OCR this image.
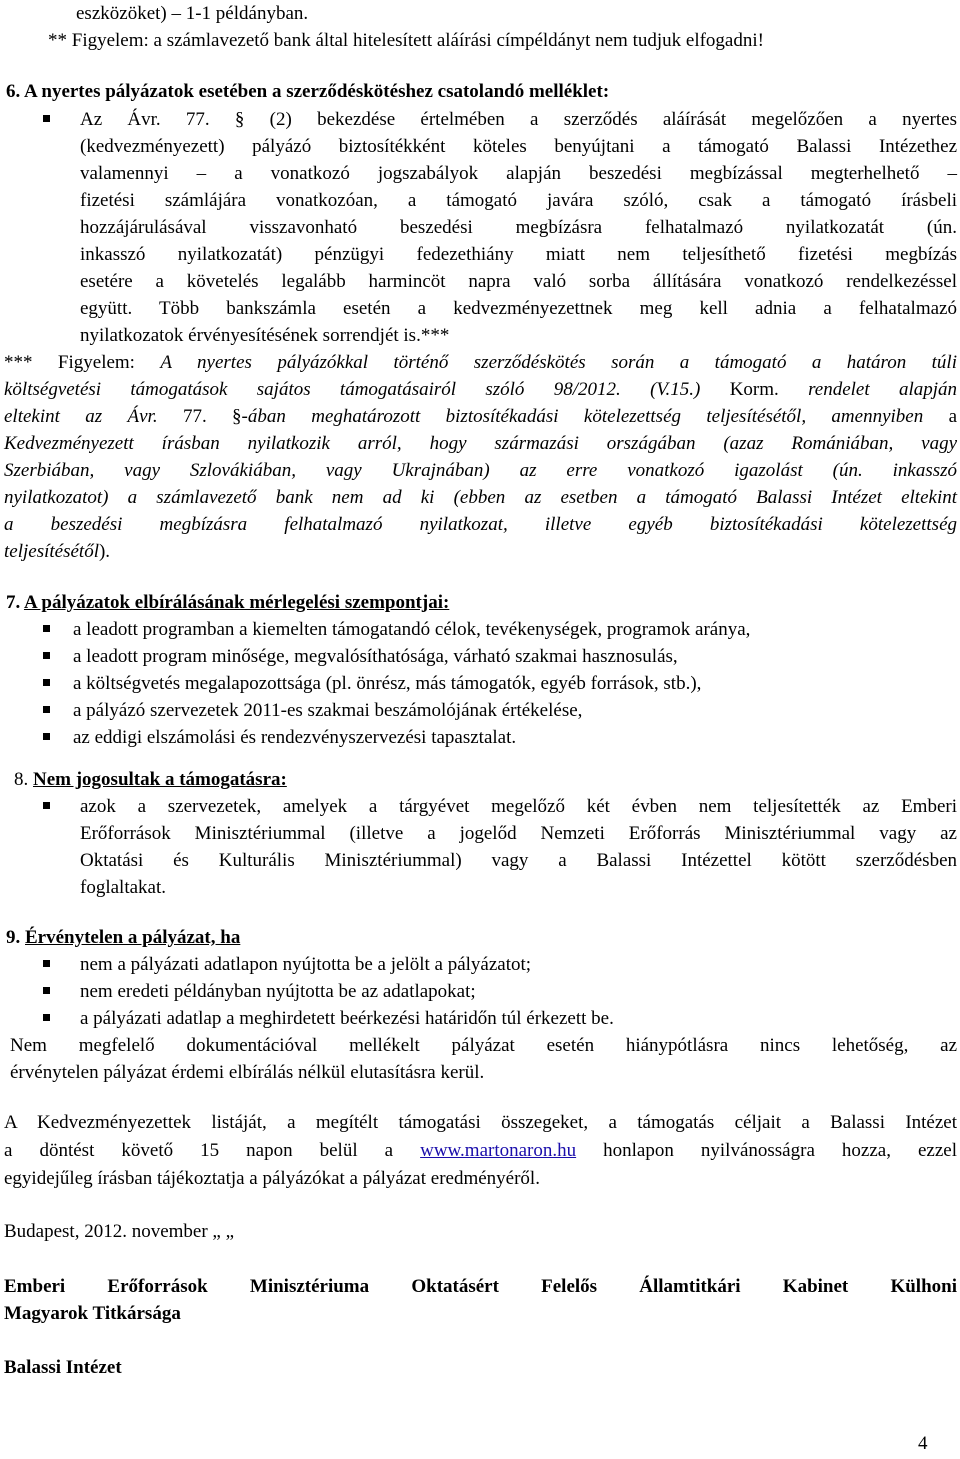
eszközöket) – 1-1 példányban.

** Figyelem: a számlavezető bank által hitelesített aláírási címpéldányt nem tudjuk elfogadni!

6. A nyertes pályázatok esetében a szerződéskötéshez csatolandó melléklet:

Az Ávr. 77. § (2) bekezdése értelmében a szerződés aláírását megelőzően a nyertes

(kedvezményezett) pályázó biztosítékként köteles benyújtani a támogató Balassi Intézethez

valamennyi – a vonatkozó jogszabályok alapján beszedési megbízással megterhelhető –

fizetési számlájára vonatkozóan, a támogató javára szóló, csak a támogató írásbeli

hozzájárulásával visszavonható beszedési megbízásra felhatalmazó nyilatkozatát (ún.

inkasszó nyilatkozatát) pénzügyi fedezethiány miatt nem teljesíthető fizetési megbízás

esetére a követelés legalább harmincöt napra való sorba állítására vonatkozó rendelkezéssel

együtt. Több bankszámla esetén a kedvezményezettnek meg kell adnia a felhatalmazó

nyilatkozatok érvényesítésének sorrendjét is.***

*** Figyelem: A nyertes pályázókkal történő szerződéskötés során a támogató a határon túli

költségvetési támogatások sajátos támogatásairól szóló 98/2012. (V.15.) Korm. rendelet alapján

eltekint az Ávr. 77. §-ában meghatározott biztosítékadási kötelezettség teljesítésétől, amennyiben a

Kedvezményezett írásban nyilatkozik arról, hogy származási országában (azaz Romániában, vagy

Szerbiában, vagy Szlovákiában, vagy Ukrajnában) az erre vonatkozó igazolást (ún. inkasszó

nyilatkozatot) a számlavezető bank nem ad ki (ebben az esetben a támogató Balassi Intézet eltekint

a beszedési megbízásra felhatalmazó nyilatkozat, illetve egyéb biztosítékadási kötelezettség

teljesítésétől).

7. A pályázatok elbírálásának mérlegelési szempontjai:

a leadott programban a kiemelten támogatandó célok, tevékenységek, programok aránya,

a leadott program minősége, megvalósíthatósága, várható szakmai hasznosulás,

a költségvetés megalapozottsága (pl. önrész, más támogatók, egyéb források, stb.),

a pályázó szervezetek 2011-es szakmai beszámolójának értékelése,

az eddigi elszámolási és rendezvényszervezési tapasztalat.

8. Nem jogosultak a támogatásra:

azok a szervezetek, amelyek a tárgyévet megelőző két évben nem teljesítették az Emberi

Erőforrások Minisztériummal (illetve a jogelőd Nemzeti Erőforrás Minisztériummal vagy az

Oktatási és Kulturális Minisztériummal) vagy a Balassi Intézettel kötött szerződésben

foglaltakat.

9. Érvénytelen a pályázat, ha

nem a pályázati adatlapon nyújtotta be a jelölt a pályázatot;

nem eredeti példányban nyújtotta be az adatlapokat;

a pályázati adatlap a meghirdetett beérkezési határidőn túl érkezett be.

Nem megfelelő dokumentációval mellékelt pályázat esetén hiánypótlásra nincs lehetőség, az

érvénytelen pályázat érdemi elbírálás nélkül elutasításra kerül.

A Kedvezményezettek listáját, a megítélt támogatási összegeket, a támogatás céljait a Balassi Intézet

a döntést követő 15 napon belül a www.martonaron.hu honlapon nyilvánosságra hozza, ezzel

egyidejűleg írásban tájékoztatja a pályázókat a pályázat eredményéről.

Budapest, 2012. november „ „

Emberi Erőforrások Minisztériuma Oktatásért Felelős Államtitkári Kabinet Külhoni

Magyarok Titkársága

Balassi Intézet

4
